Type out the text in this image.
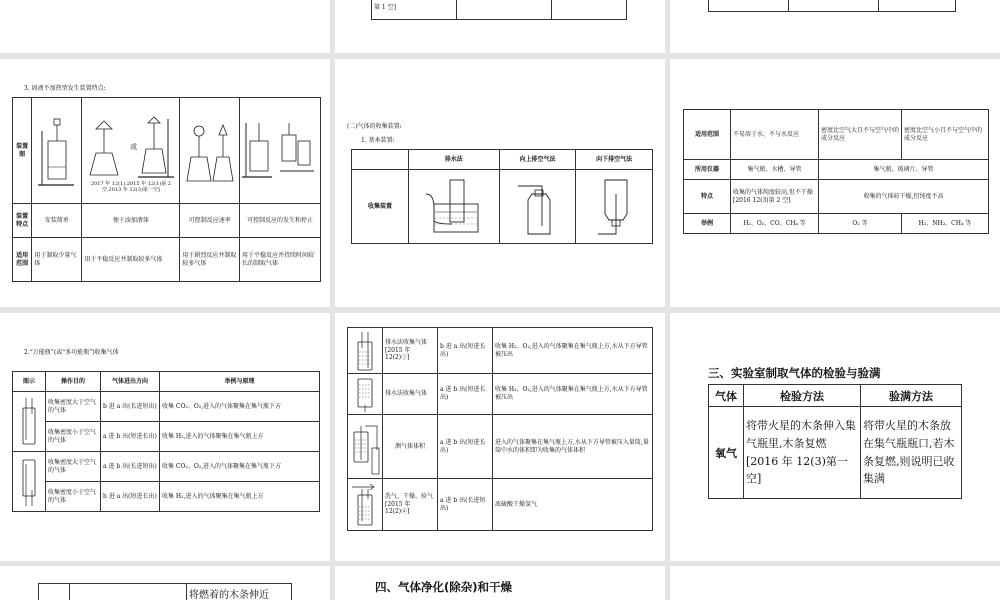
第 1 空]		

3. 固液不加热型发生装置特点:
装置图		或
2017 年 12(1),2015 年 12(1)第 2 空,2013 年 12(3)第一空]

装置特点	安装简单	便于添加液体	可控制反应速率	可控制反应的发生和停止
适用范围	用于制取少量气体	用于平稳反应并制取较多气体	用于剧烈反应并制取较多气体	用于平稳反应并持续时间较长的制取气体
(二)气体的收集装置:
1. 基本装置:
	排水法	向上排空气法	向下排空气法
收集装置	

适用范围	不易溶于水、不与水反应	密度比空气大且不与空气中的成分反应	密度比空气小且不与空气中的成分反应
所用仪器	集气瓶、水槽、导管	集气瓶、玻璃片、导管	
特点	收集的气体纯度较高,但不干燥[2016 12(3)第 2 空]	收集的气体较干燥,但纯度不高	
举例	H₂、O₂、CO、CH₄ 等	O₂ 等	H₂、NH₃、CH₄ 等
2.“万能瓶”(或“多功能瓶”)收集气体
图示	操作目的	气体进出方向	举例与原理

	收集密度大于空气的气体	b 进 a 出(长进短出)	收集 CO₂、O₂,进入的气体聚集在集气瓶下方
	收集密度小于空气的气体	a 进 b 出(短进长出)	收集 H₂,进入的气体聚集在集气瓶上方

	收集密度大于空气的气体	a 进 b 出(长进短出)	收集 CO₂、O₂,进入的气体聚集在集气瓶下方
	收集密度小于空气的气体	b 进 a 出(短进长出)	收集 H₂,进入的气体聚集在集气瓶上方
	排水法收集气体[2015 年 12(2)①]	b 进 a 出(短进长出)	收集 H₂、O₂,进入的气体聚集在集气瓶上方,水从下方导管被压出

	排水法收集气体	a 进 b 出(短进长出)	收集 H₂、O₂,进入的气体聚集在集气瓶上方,水从下方导管被压出

	测气体体积	a 进 b 出(短进长出)	进入的气体聚集在集气瓶上方,水从下方导管被压入量筒,量筒中水的体积即为收集的气体体积

	洗气、干燥、验气[2015 年 12(2)②]	a 进 b 出(长进短出)	浓硫酸干燥氢气
三、实验室制取气体的检验与验满
气体	检验方法	验满方法
氧气	将带火星的木条伸入集气瓶里,木条复燃[2016 年 12(3)第一空]	将带火星的木条放在集气瓶瓶口,若木条复燃,则说明已收集满
		将燃着的木条伸近
四、气体净化(除杂)和干燥
